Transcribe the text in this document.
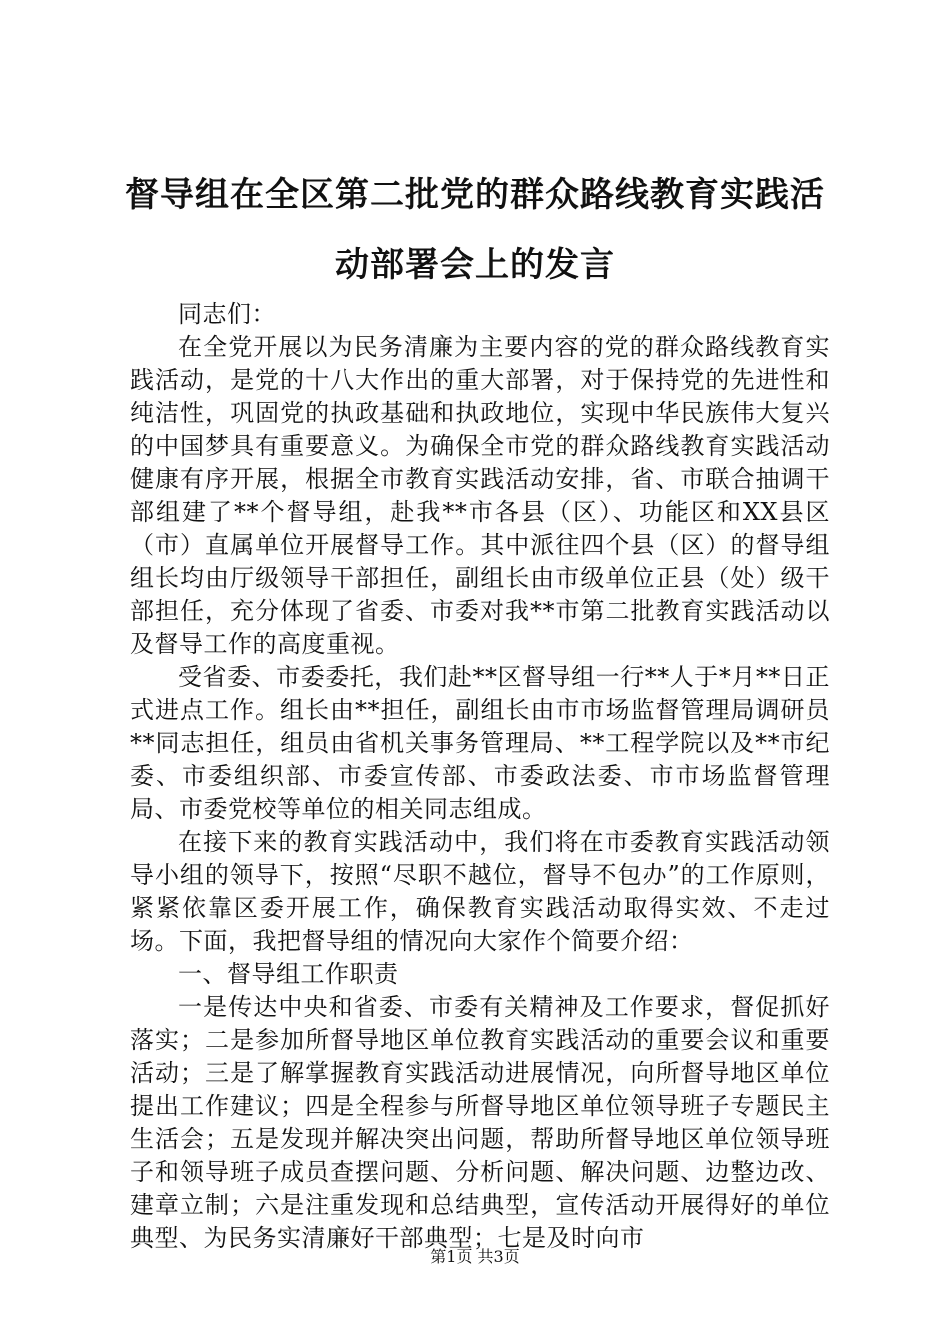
督导组在全区第二批党的群众路线教育实践活动部署会上的发言

同志们：

在全党开展以为民务清廉为主要内容的党的群众路线教育实践活动，是党的十八大作出的重大部署，对于保持党的先进性和纯洁性，巩固党的执政基础和执政地位，实现中华民族伟大复兴的中国梦具有重要意义。为确保全市党的群众路线教育实践活动健康有序开展，根据全市教育实践活动安排，省、市联合抽调干部组建了**个督导组，赴我**市各县（区）、功能区和XX县区（市）直属单位开展督导工作。其中派往四个县（区）的督导组组长均由厅级领导干部担任，副组长由市级单位正县（处）级干部担任，充分体现了省委、市委对我**市第二批教育实践活动以及督导工作的高度重视。

受省委、市委委托，我们赴**区督导组一行**人于*月**日正式进点工作。组长由**担任，副组长由市市场监督管理局调研员**同志担任，组员由省机关事务管理局、**工程学院以及**市纪委、市委组织部、市委宣传部、市委政法委、市市场监督管理局、市委党校等单位的相关同志组成。

在接下来的教育实践活动中，我们将在市委教育实践活动领导小组的领导下，按照“尽职不越位，督导不包办”的工作原则，紧紧依靠区委开展工作，确保教育实践活动取得实效、不走过场。下面，我把督导组的情况向大家作个简要介绍：

一、督导组工作职责

一是传达中央和省委、市委有关精神及工作要求，督促抓好落实；二是参加所督导地区单位教育实践活动的重要会议和重要活动；三是了解掌握教育实践活动进展情况，向所督导地区单位提出工作建议；四是全程参与所督导地区单位领导班子专题民主生活会；五是发现并解决突出问题，帮助所督导地区单位领导班子和领导班子成员查摆问题、分析问题、解决问题、边整边改、建章立制；六是注重发现和总结典型，宣传活动开展得好的单位典型、为民务实清廉好干部典型；七是及时向市

第1页 共3页
